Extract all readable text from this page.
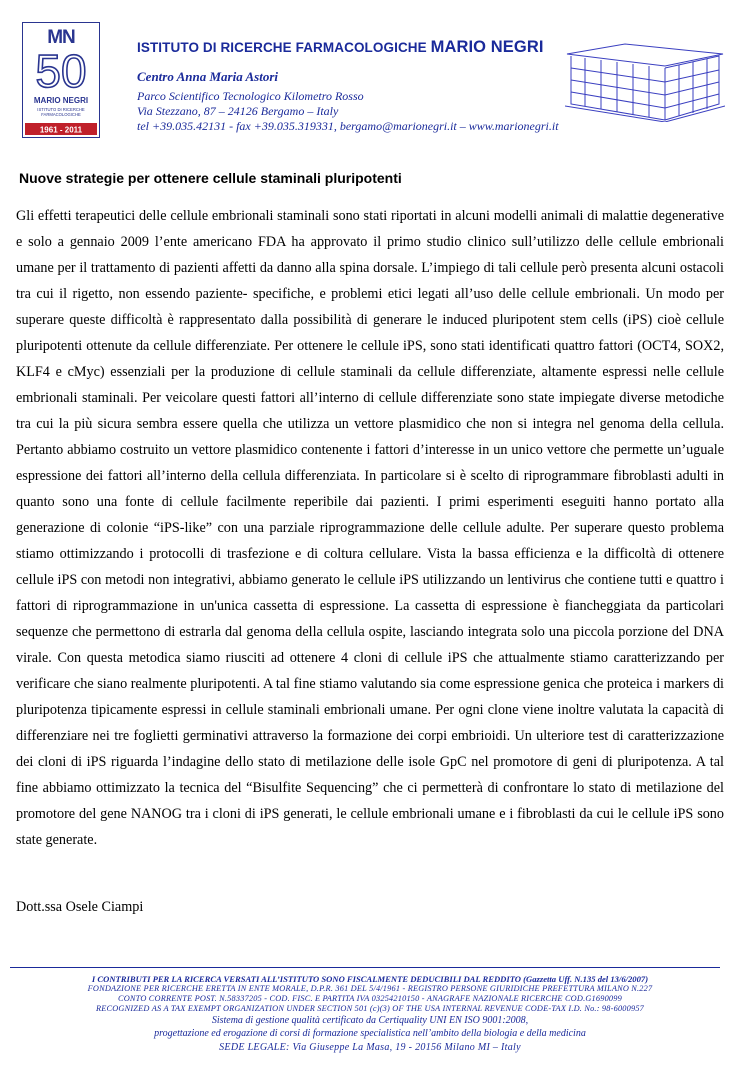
MN
50
MARIO NEGRI
ISTITUTO DI RICERCHE
FARMACOLOGICHE
1961 - 2011
ISTITUTO DI RICERCHE FARMACOLOGICHE MARIO NEGRI
Centro Anna Maria Astori
Parco Scientifico Tecnologico Kilometro Rosso
Via Stezzano, 87 – 24126 Bergamo – Italy
tel +39.035.42131 - fax +39.035.319331, bergamo@marionegri.it – www.marionegri.it
Nuove strategie per ottenere cellule staminali pluripotenti

Gli effetti terapeutici delle cellule embrionali staminali sono stati riportati in alcuni modelli animali di malattie degenerative e solo a gennaio 2009 l’ente americano FDA ha approvato il primo studio clinico sull’utilizzo delle cellule embrionali umane per il trattamento di pazienti affetti da danno alla spina dorsale. L’impiego di tali cellule però presenta alcuni ostacoli tra cui il rigetto, non essendo paziente- specifiche, e problemi etici legati all’uso delle cellule embrionali. Un modo per superare queste difficoltà è rappresentato dalla possibilità di generare le induced pluripotent stem cells (iPS) cioè cellule pluripotenti ottenute da cellule differenziate. Per ottenere le cellule iPS, sono stati identificati quattro fattori (OCT4, SOX2, KLF4 e cMyc) essenziali per la produzione di cellule staminali da cellule differenziate, altamente espressi nelle cellule embrionali staminali. Per veicolare questi fattori all’interno di cellule differenziate sono state impiegate diverse metodiche tra cui la più sicura sembra essere quella che utilizza un vettore plasmidico che non si integra nel genoma della cellula. Pertanto abbiamo costruito un vettore plasmidico contenente i fattori d’interesse in un unico vettore che permette un’uguale espressione dei fattori all’interno della cellula differenziata. In particolare si è scelto di riprogrammare fibroblasti adulti in quanto sono una fonte di cellule facilmente reperibile dai pazienti. I primi esperimenti eseguiti hanno portato alla generazione di colonie “iPS-like” con una parziale riprogrammazione delle cellule adulte. Per superare questo problema stiamo ottimizzando i protocolli di trasfezione e di coltura cellulare. Vista la bassa efficienza e la difficoltà di ottenere cellule iPS con metodi non integrativi, abbiamo generato le cellule iPS utilizzando un lentivirus che contiene tutti e quattro i fattori di riprogrammazione in un'unica cassetta di espressione. La cassetta di espressione è fiancheggiata da particolari sequenze che permettono di estrarla dal genoma della cellula ospite, lasciando integrata solo una piccola porzione del DNA virale. Con questa metodica siamo riusciti ad ottenere 4 cloni di cellule iPS che attualmente stiamo caratterizzando per verificare che siano realmente pluripotenti. A tal fine stiamo valutando sia come espressione genica che proteica i markers di pluripotenza tipicamente espressi in cellule staminali embrionali umane. Per ogni clone viene inoltre valutata la capacità di differenziare nei tre foglietti germinativi attraverso la formazione dei corpi embrioidi. Un ulteriore test di caratterizzazione dei cloni di iPS riguarda l’indagine dello stato di metilazione delle isole GpC nel promotore di geni di pluripotenza. A tal fine abbiamo ottimizzato la tecnica del “Bisulfite Sequencing” che ci permetterà di confrontare lo stato di metilazione del promotore del gene NANOG tra i cloni di iPS generati, le cellule embrionali umane e i fibroblasti da cui le cellule iPS sono state generate.

Dott.ssa Osele Ciampi
I CONTRIBUTI PER LA RICERCA VERSATI ALL’ISTITUTO SONO FISCALMENTE DEDUCIBILI DAL REDDITO (Gazzetta Uff. N.135 del 13/6/2007)
FONDAZIONE PER RICERCHE ERETTA IN ENTE MORALE, D.P.R. 361 DEL 5/4/1961 - REGISTRO PERSONE GIURIDICHE PREFETTURA MILANO N.227
CONTO CORRENTE POST. N.58337205 - COD. FISC. E PARTITA IVA 03254210150 - ANAGRAFE NAZIONALE RICERCHE COD.G1690099
RECOGNIZED AS A TAX EXEMPT ORGANIZATION UNDER SECTION 501 (c)(3) OF THE USA INTERNAL REVENUE CODE-TAX I.D. No.: 98-6000957
Sistema di gestione qualità certificato da Certiquality UNI EN ISO 9001:2008,
progettazione ed erogazione di corsi di formazione specialistica nell’ambito della biologia e della medicina
SEDE LEGALE: Via Giuseppe La Masa, 19 - 20156 Milano MI – Italy
